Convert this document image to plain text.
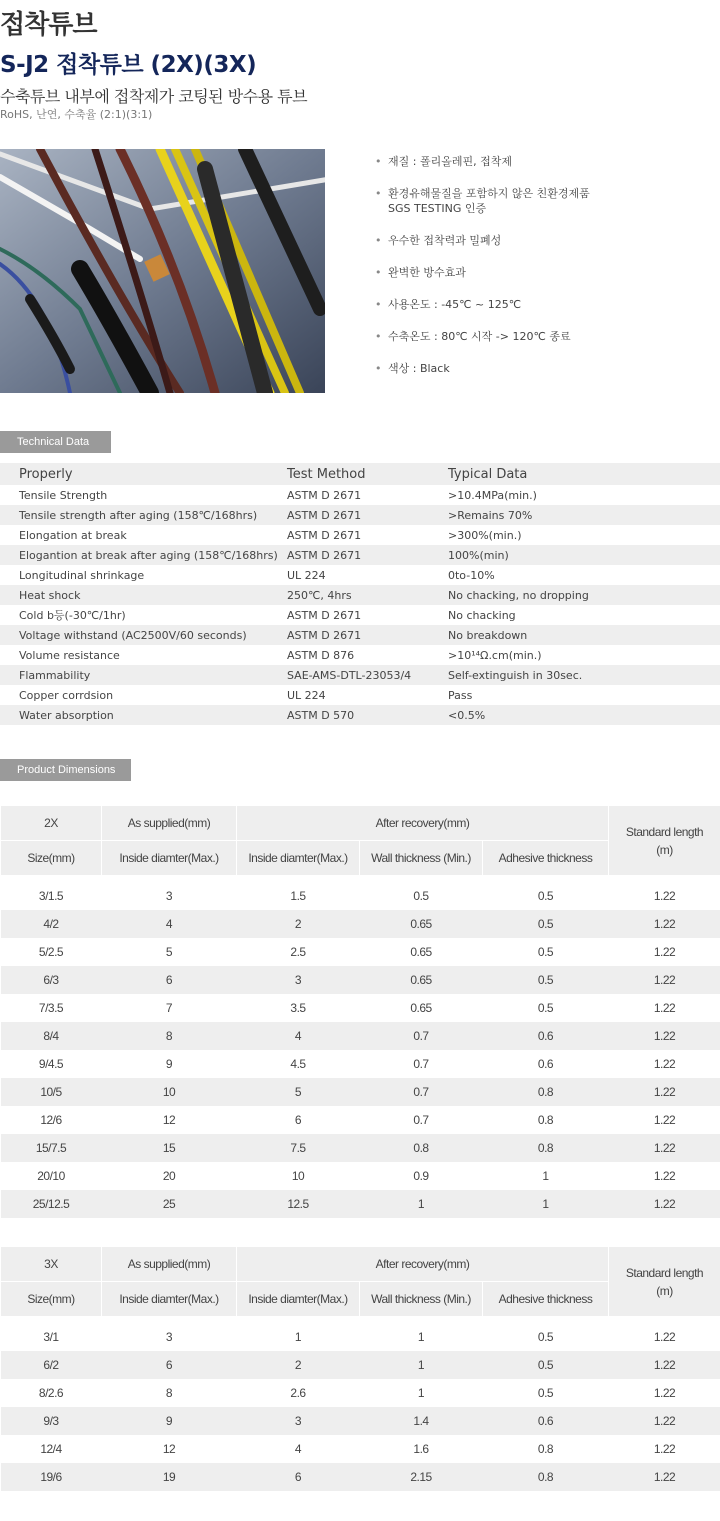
접착튜브
S-J2 접착튜브 (2X)(3X)
수축튜브 내부에 접착제가 코팅된 방수용 튜브
RoHS, 난연, 수축율 (2:1)(3:1)
• 재질 : 폴리올레핀, 접착제
• 환경유해물질을 포함하지 않은 친환경제품
SGS TESTING 인증
• 우수한 접착력과 밀폐성
• 완벽한 방수효과
• 사용온도 : -45℃ ~ 125℃
• 수축온도 : 80℃ 시작 -> 120℃ 종료
• 색상 : Black
Technical Data
Properly	Test Method	Typical Data
Tensile Strength	ASTM D 2671	>10.4MPa(min.)
Tensile strength after aging (158℃/168hrs)	ASTM D 2671	>Remains 70%
Elongation at break	ASTM D 2671	>300%(min.)
Elogantion at break after aging (158℃/168hrs)	ASTM D 2671	100%(min)
Longitudinal shrinkage	UL 224	0to-10%
Heat shock	250℃, 4hrs	No chacking, no dropping
Cold b등(-30℃/1hr)	ASTM D 2671	No chacking
Voltage withstand (AC2500V/60 seconds)	ASTM D 2671	No breakdown
Volume resistance	ASTM D 876	>10¹⁴Ω.cm(min.)
Flammability	SAE-AMS-DTL-23053/4	Self-extinguish in 30sec.
Copper corrdsion	UL 224	Pass
Water absorption	ASTM D 570	<0.5%
Product Dimensions
2X	As supplied(mm)	After recovery(mm)			Standard length
(m)
Size(mm)	Inside diamter(Max.)	Inside diamter(Max.)	Wall thickness (Min.)	Adhesive thickness	

3/1.5	3	1.5	0.5	0.5	1.22
4/2	4	2	0.65	0.5	1.22
5/2.5	5	2.5	0.65	0.5	1.22
6/3	6	3	0.65	0.5	1.22
7/3.5	7	3.5	0.65	0.5	1.22
8/4	8	4	0.7	0.6	1.22
9/4.5	9	4.5	0.7	0.6	1.22
10/5	10	5	0.7	0.8	1.22
12/6	12	6	0.7	0.8	1.22
15/7.5	15	7.5	0.8	0.8	1.22
20/10	20	10	0.9	1	1.22
25/12.5	25	12.5	1	1	1.22
3X	As supplied(mm)	After recovery(mm)			Standard length
(m)
Size(mm)	Inside diamter(Max.)	Inside diamter(Max.)	Wall thickness (Min.)	Adhesive thickness	

3/1	3	1	1	0.5	1.22
6/2	6	2	1	0.5	1.22
8/2.6	8	2.6	1	0.5	1.22
9/3	9	3	1.4	0.6	1.22
12/4	12	4	1.6	0.8	1.22
19/6	19	6	2.15	0.8	1.22
